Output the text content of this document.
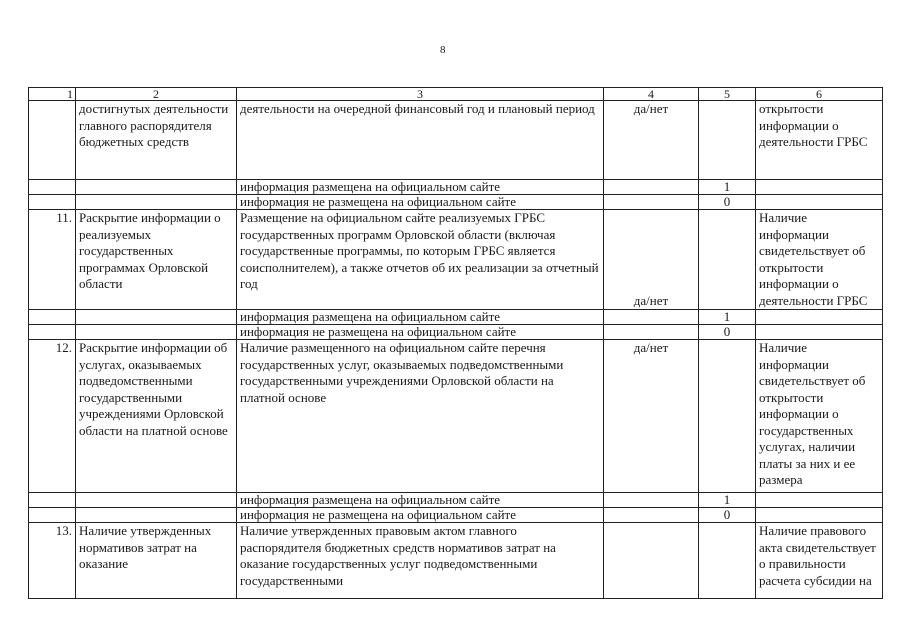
8
1	2	3	4	5	6
	достигнутых деятельности главного распорядителя бюджетных средств	деятельности на очередной финансовый год и плановый период	да/нет		открытости информации о деятельности ГРБС
		информация размещена на официальном сайте		1	
		информация не размещена на официальном сайте		0	
11.	Раскрытие информации о реализуемых государственных программах Орловской области	Размещение на официальном сайте реализуемых ГРБС государственных программ Орловской области (включая государственные программы, по которым ГРБС является соисполнителем), а также отчетов об их реализации за отчетный год	да/нет		Наличие информации свидетельствует об открытости информации о деятельности ГРБС
		информация размещена на официальном сайте		1	
		информация не размещена на официальном сайте		0	
12.	Раскрытие информации об услугах, оказываемых подведомственными государственными учреждениями Орловской области на платной основе	Наличие размещенного на официальном сайте перечня государственных услуг, оказываемых подведомственными государственными учреждениями Орловской области на платной основе	да/нет		Наличие информации свидетельствует об открытости информации о государственных услугах, наличии платы за них и ее размера
		информация размещена на официальном сайте		1	
		информация не размещена на официальном сайте		0	
13.	Наличие утвержденных нормативов затрат на оказание	Наличие утвержденных правовым актом главного распорядителя бюджетных средств нормативов затрат на оказание государственных услуг подведомственными государственными			Наличие правового акта свидетельствует о правильности расчета субсидии на
